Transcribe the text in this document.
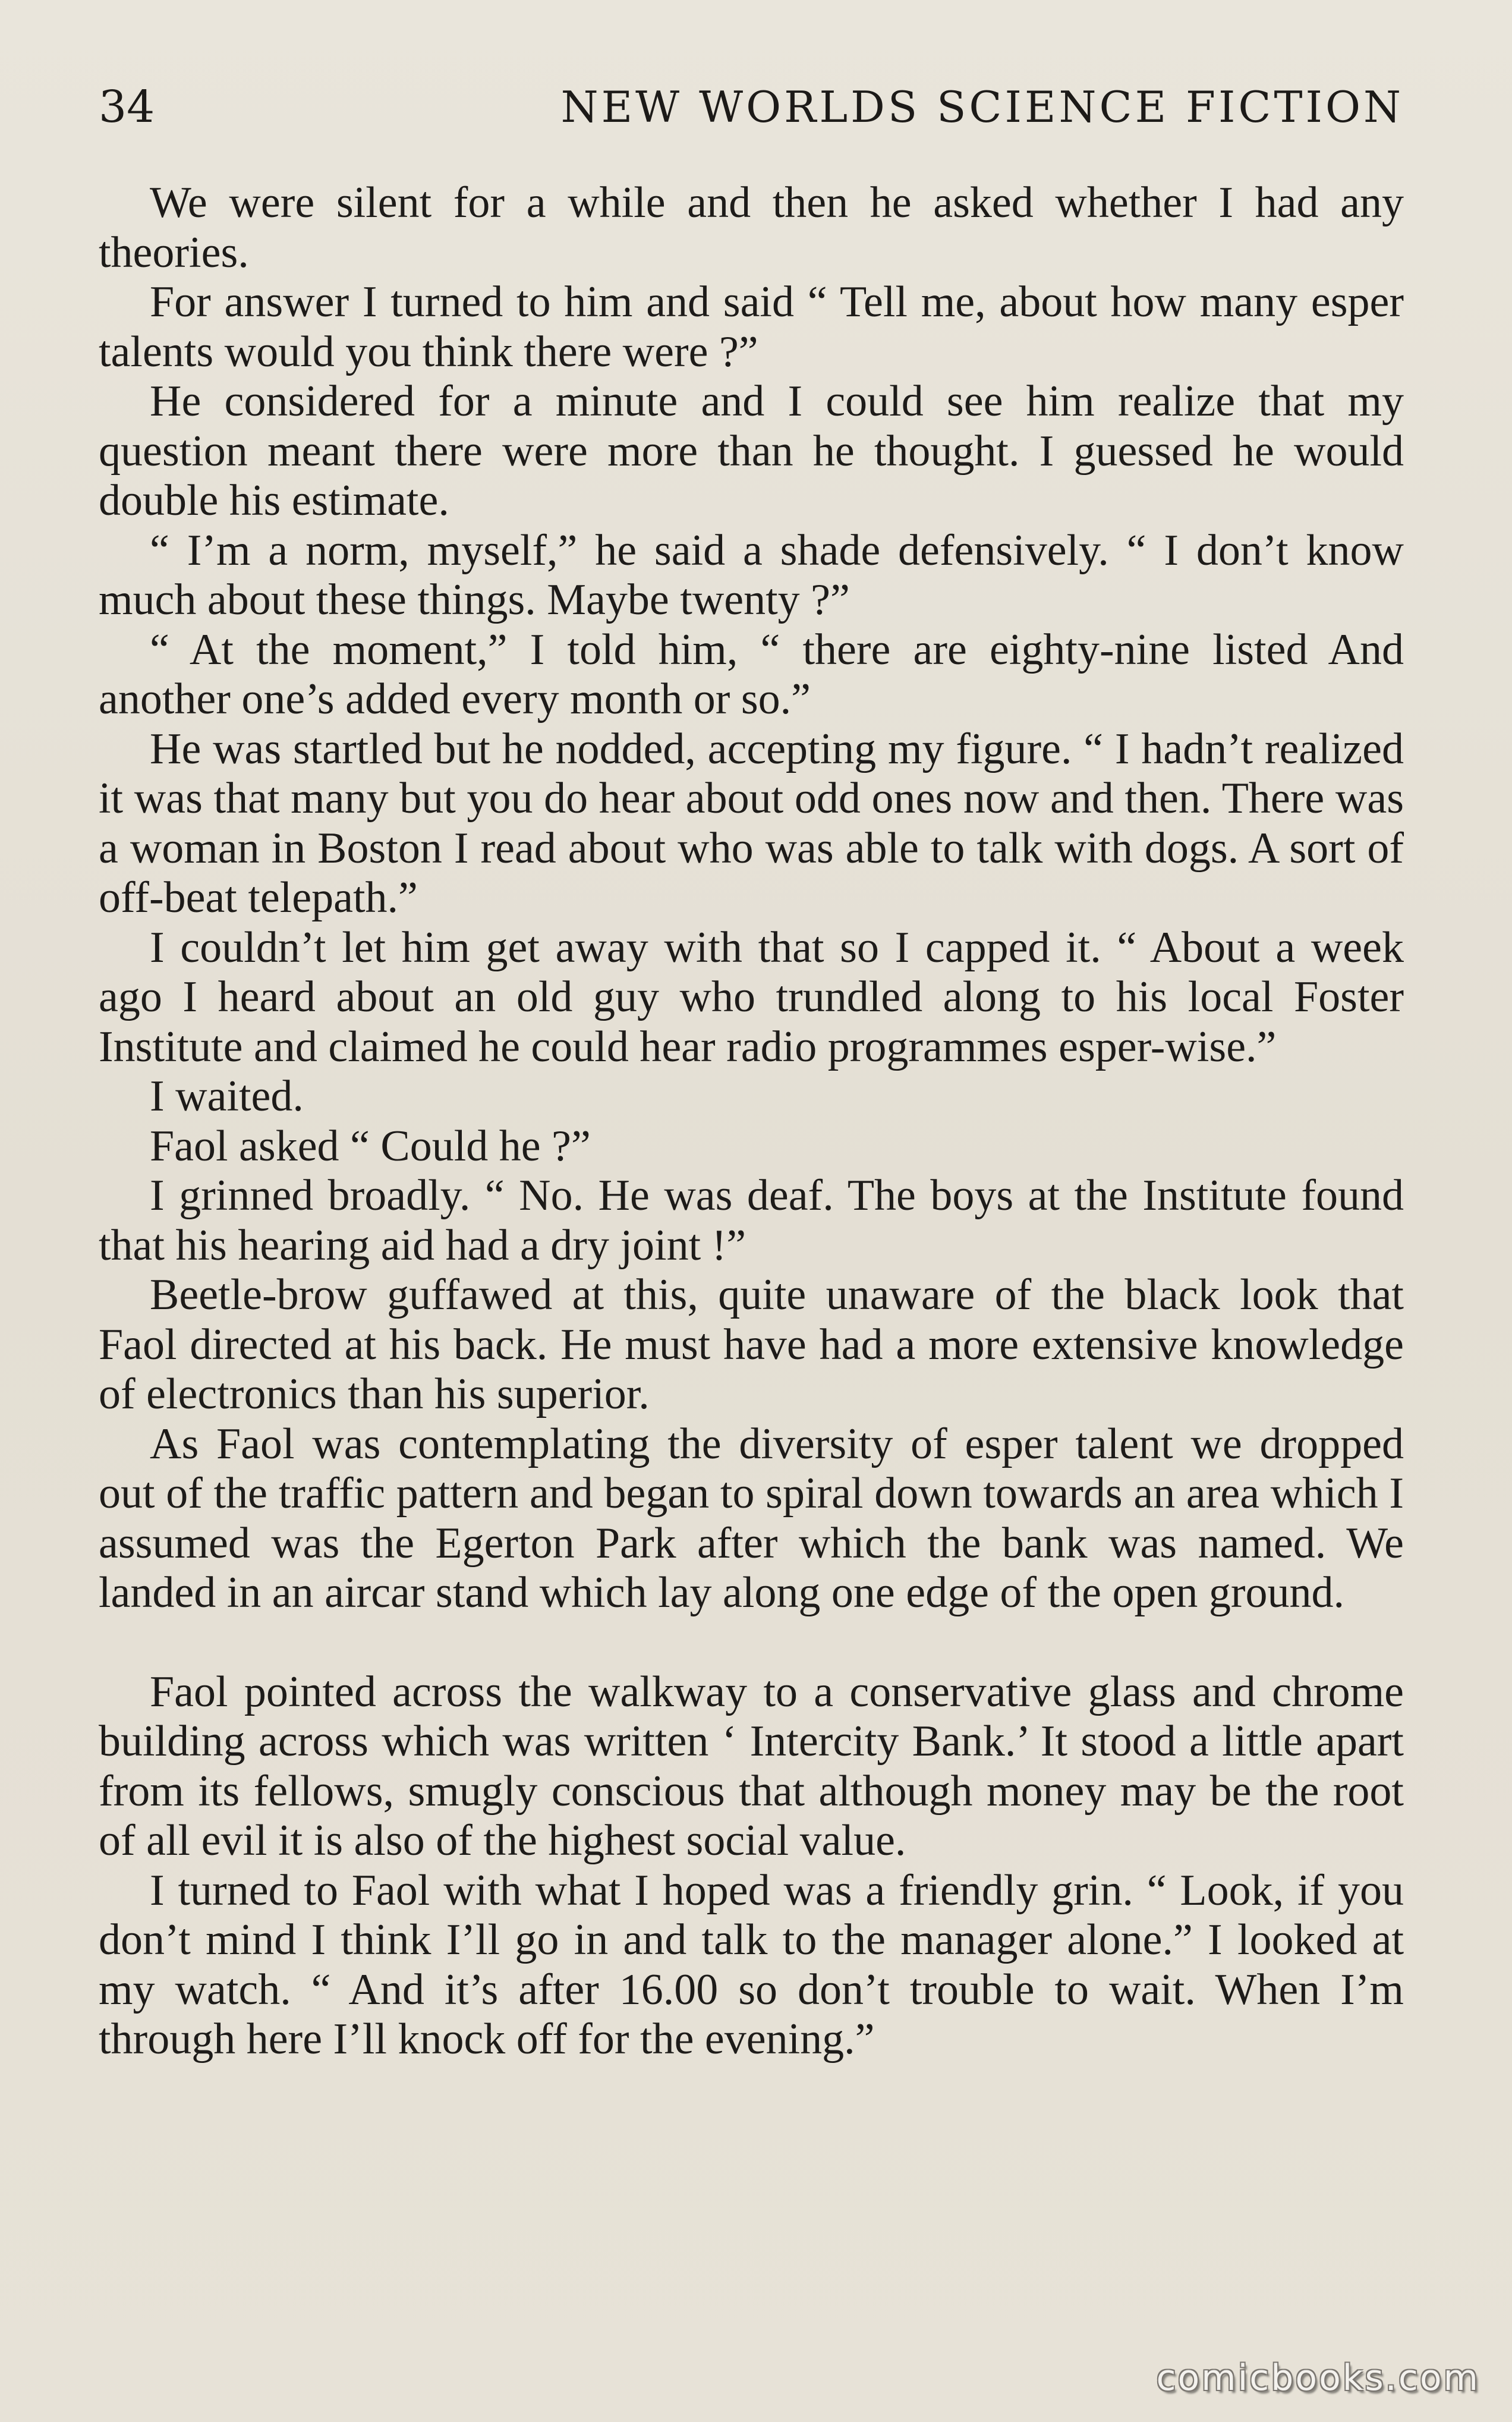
34	NEW WORLDS SCIENCE FICTION

We were silent for a while and then he asked whether I had any theories.

For answer I turned to him and said “ Tell me, about how many esper talents would you think there were ?”

He considered for a minute and I could see him realize that my question meant there were more than he thought. I guessed he would double his estimate.

“ I’m a norm, myself,” he said a shade defensively. “ I don’t know much about these things. Maybe twenty ?”

“ At the moment,” I told him, “ there are eighty-nine listed And another one’s added every month or so.”

He was startled but he nodded, accepting my figure. “ I hadn’t realized it was that many but you do hear about odd ones now and then. There was a woman in Boston I read about who was able to talk with dogs. A sort of off-beat telepath.”

I couldn’t let him get away with that so I capped it. “ About a week ago I heard about an old guy who trundled along to his local Foster Institute and claimed he could hear radio programmes esper-wise.”

I waited.

Faol asked “ Could he ?”

I grinned broadly. “ No. He was deaf. The boys at the Institute found that his hearing aid had a dry joint !”

Beetle-brow guffawed at this, quite unaware of the black look that Faol directed at his back. He must have had a more extensive knowledge of electronics than his superior.

As Faol was contemplating the diversity of esper talent we dropped out of the traffic pattern and began to spiral down towards an area which I assumed was the Egerton Park after which the bank was named. We landed in an aircar stand which lay along one edge of the open ground.

Faol pointed across the walkway to a conservative glass and chrome building across which was written ‘ Intercity Bank.’ It stood a little apart from its fellows, smugly conscious that although money may be the root of all evil it is also of the highest social value.

I turned to Faol with what I hoped was a friendly grin. “ Look, if you don’t mind I think I’ll go in and talk to the manager alone.” I looked at my watch. “ And it’s after 16.00 so don’t trouble to wait. When I’m through here I’ll knock off for the evening.”

comicbooks.com
